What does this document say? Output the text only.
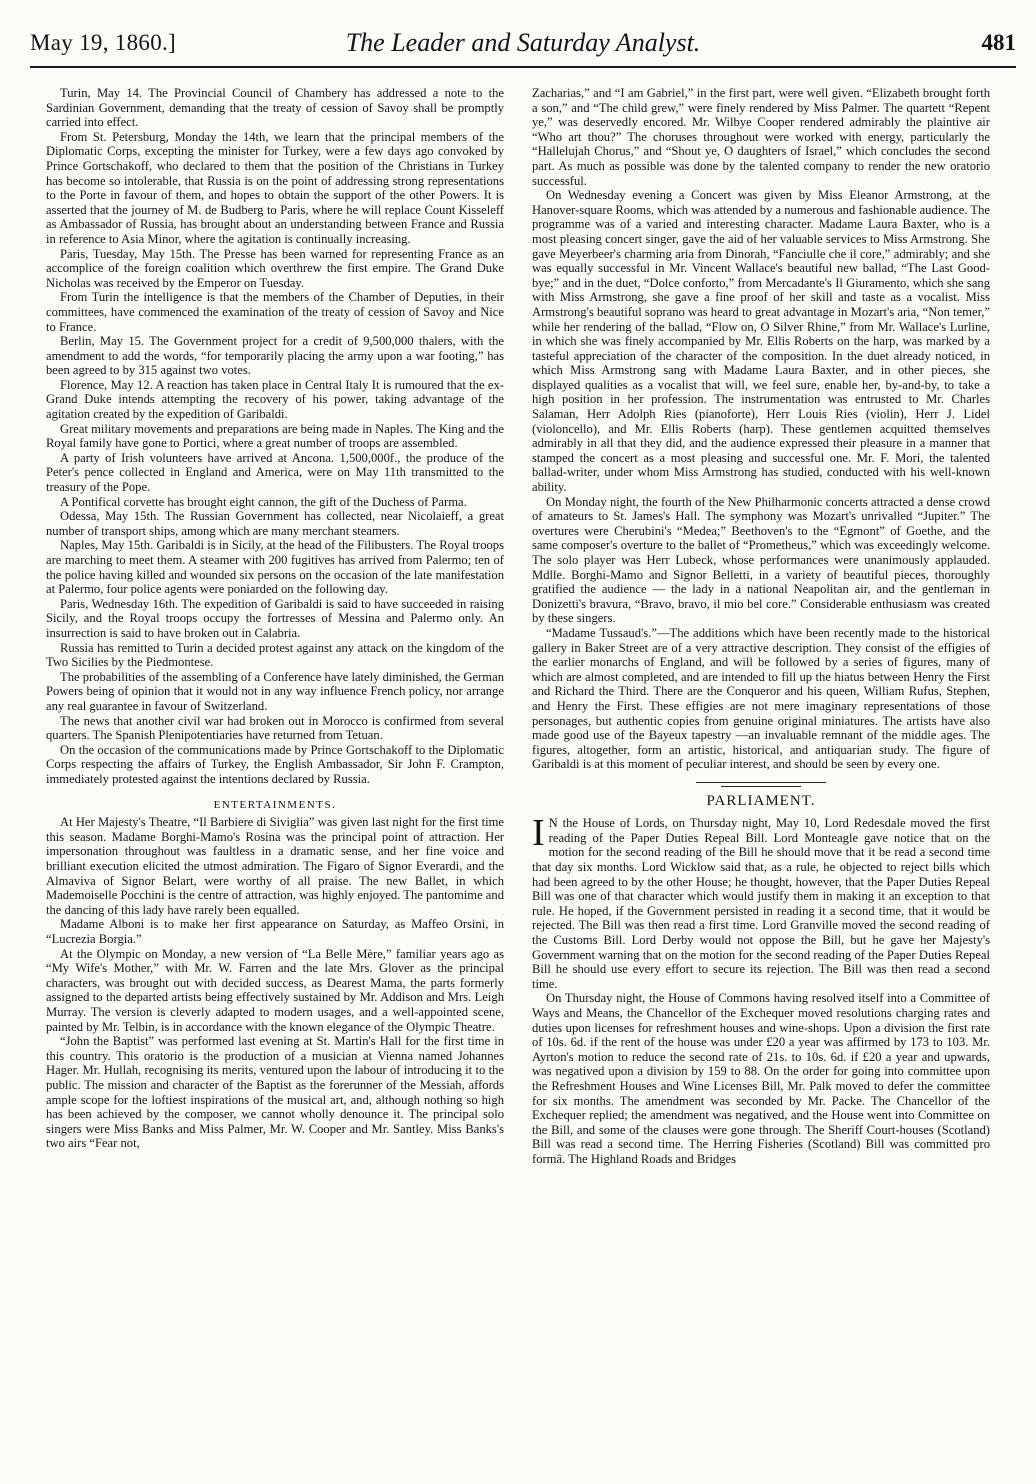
May 19, 1860.]	The Leader and Saturday Analyst.	481

Turin, May 14. The Provincial Council of Chambery has addressed a note to the Sardinian Government, demanding that the treaty of cession of Savoy shall be promptly carried into effect.

From St. Petersburg, Monday the 14th, we learn that the principal members of the Diplomatic Corps, excepting the minister for Turkey, were a few days ago convoked by Prince Gortschakoff, who declared to them that the position of the Christians in Turkey has become so intolerable, that Russia is on the point of addressing strong representations to the Porte in favour of them, and hopes to obtain the support of the other Powers. It is asserted that the journey of M. de Budberg to Paris, where he will replace Count Kisseleff as Ambassador of Russia, has brought about an understanding between France and Russia in reference to Asia Minor, where the agitation is continually increasing.

Paris, Tuesday, May 15th. The Presse has been warned for representing France as an accomplice of the foreign coalition which overthrew the first empire. The Grand Duke Nicholas was received by the Emperor on Tuesday.

From Turin the intelligence is that the members of the Chamber of Deputies, in their committees, have commenced the examination of the treaty of cession of Savoy and Nice to France.

Berlin, May 15. The Government project for a credit of 9,500,000 thalers, with the amendment to add the words, “for temporarily placing the army upon a war footing,” has been agreed to by 315 against two votes.

Florence, May 12. A reaction has taken place in Central Italy It is rumoured that the ex-Grand Duke intends attempting the recovery of his power, taking advantage of the agitation created by the expedition of Garibaldi.

Great military movements and preparations are being made in Naples. The King and the Royal family have gone to Portici, where a great number of troops are assembled.

A party of Irish volunteers have arrived at Ancona. 1,500,000f., the produce of the Peter's pence collected in England and America, were on May 11th transmitted to the treasury of the Pope.

A Pontifical corvette has brought eight cannon, the gift of the Duchess of Parma.

Odessa, May 15th. The Russian Government has collected, near Nicolaieff, a great number of transport ships, among which are many merchant steamers.

Naples, May 15th. Garibaldi is in Sicily, at the head of the Filibusters. The Royal troops are marching to meet them. A steamer with 200 fugitives has arrived from Palermo; ten of the police having killed and wounded six persons on the occasion of the late manifestation at Palermo, four police agents were poniarded on the following day.

Paris, Wednesday 16th. The expedition of Garibaldi is said to have succeeded in raising Sicily, and the Royal troops occupy the fortresses of Messina and Palermo only. An insurrection is said to have broken out in Calabria.

Russia has remitted to Turin a decided protest against any attack on the kingdom of the Two Sicilies by the Piedmontese.

The probabilities of the assembling of a Conference have lately diminished, the German Powers being of opinion that it would not in any way influence French policy, nor arrange any real guarantee in favour of Switzerland.

The news that another civil war had broken out in Morocco is confirmed from several quarters. The Spanish Plenipotentiaries have returned from Tetuan.

On the occasion of the communications made by Prince Gortschakoff to the Diplomatic Corps respecting the affairs of Turkey, the English Ambassador, Sir John F. Crampton, immediately protested against the intentions declared by Russia.

ENTERTAINMENTS.

At Her Majesty's Theatre, “Il Barbiere di Siviglia” was given last night for the first time this season. Madame Borghi-Mamo's Rosina was the principal point of attraction. Her impersonation throughout was faultless in a dramatic sense, and her fine voice and brilliant execution elicited the utmost admiration. The Figaro of Signor Everardi, and the Almaviva of Signor Belart, were worthy of all praise. The new Ballet, in which Mademoiselle Pocchini is the centre of attraction, was highly enjoyed. The pantomime and the dancing of this lady have rarely been equalled.

Madame Alboni is to make her first appearance on Saturday, as Maffeo Orsini, in “Lucrezia Borgia.”

At the Olympic on Monday, a new version of “La Belle Mère,” familiar years ago as “My Wife's Mother,” with Mr. W. Farren and the late Mrs. Glover as the principal characters, was brought out with decided success, as Dearest Mama, the parts formerly assigned to the departed artists being effectively sustained by Mr. Addison and Mrs. Leigh Murray. The version is cleverly adapted to modern usages, and a well-appointed scene, painted by Mr. Telbin, is in accordance with the known elegance of the Olympic Theatre.

“John the Baptist” was performed last evening at St. Martin's Hall for the first time in this country. This oratorio is the production of a musician at Vienna named Johannes Hager. Mr. Hullah, recognising its merits, ventured upon the labour of introducing it to the public. The mission and character of the Baptist as the forerunner of the Messiah, affords ample scope for the loftiest inspirations of the musical art, and, although nothing so high has been achieved by the composer, we cannot wholly denounce it. The principal solo singers were Miss Banks and Miss Palmer, Mr. W. Cooper and Mr. Santley. Miss Banks's two airs “Fear not,

Zacharias,” and “I am Gabriel,” in the first part, were well given. “Elizabeth brought forth a son,” and “The child grew,” were finely rendered by Miss Palmer. The quartett “Repent ye,” was deservedly encored. Mr. Wilbye Cooper rendered admirably the plaintive air “Who art thou?” The choruses throughout were worked with energy, particularly the “Hallelujah Chorus,” and “Shout ye, O daughters of Israel,” which concludes the second part. As much as possible was done by the talented company to render the new oratorio successful.

On Wednesday evening a Concert was given by Miss Eleanor Armstrong, at the Hanover-square Rooms, which was attended by a numerous and fashionable audience. The programme was of a varied and interesting character. Madame Laura Baxter, who is a most pleasing concert singer, gave the aid of her valuable services to Miss Armstrong. She gave Meyerbeer's charming aria from Dinorah, “Fanciulle che il core,” admirably; and she was equally successful in Mr. Vincent Wallace's beautiful new ballad, “The Last Good-bye;” and in the duet, “Dolce conforto,” from Mercadante's Il Giuramento, which she sang with Miss Armstrong, she gave a fine proof of her skill and taste as a vocalist. Miss Armstrong's beautiful soprano was heard to great advantage in Mozart's aria, “Non temer,” while her rendering of the ballad, “Flow on, O Silver Rhine,” from Mr. Wallace's Lurline, in which she was finely accompanied by Mr. Ellis Roberts on the harp, was marked by a tasteful appreciation of the character of the composition. In the duet already noticed, in which Miss Armstrong sang with Madame Laura Baxter, and in other pieces, she displayed qualities as a vocalist that will, we feel sure, enable her, by-and-by, to take a high position in her profession. The instrumentation was entrusted to Mr. Charles Salaman, Herr Adolph Ries (pianoforte), Herr Louis Ries (violin), Herr J. Lidel (violoncello), and Mr. Ellis Roberts (harp). These gentlemen acquitted themselves admirably in all that they did, and the audience expressed their pleasure in a manner that stamped the concert as a most pleasing and successful one. Mr. F. Mori, the talented ballad-writer, under whom Miss Armstrong has studied, conducted with his well-known ability.

On Monday night, the fourth of the New Philharmonic concerts attracted a dense crowd of amateurs to St. James's Hall. The symphony was Mozart's unrivalled “Jupiter.” The overtures were Cherubini's “Medea;” Beethoven's to the “Egmont” of Goethe, and the same composer's overture to the ballet of “Prometheus,” which was exceedingly welcome. The solo player was Herr Lubeck, whose performances were unanimously applauded. Mdlle. Borghi-Mamo and Signor Belletti, in a variety of beautiful pieces, thoroughly gratified the audience — the lady in a national Neapolitan air, and the gentleman in Donizetti's bravura, “Bravo, bravo, il mio bel core.” Considerable enthusiasm was created by these singers.

“Madame Tussaud's.”—The additions which have been recently made to the historical gallery in Baker Street are of a very attractive description. They consist of the effigies of the earlier monarchs of England, and will be followed by a series of figures, many of which are almost completed, and are intended to fill up the hiatus between Henry the First and Richard the Third. There are the Conqueror and his queen, William Rufus, Stephen, and Henry the First. These effigies are not mere imaginary representations of those personages, but authentic copies from genuine original miniatures. The artists have also made good use of the Bayeux tapestry —an invaluable remnant of the middle ages. The figures, altogether, form an artistic, historical, and antiquarian study. The figure of Garibaldi is at this moment of peculiar interest, and should be seen by every one.

PARLIAMENT.

I N the House of Lords, on Thursday night, May 10, Lord Redesdale moved the first reading of the Paper Duties Repeal Bill. Lord Monteagle gave notice that on the motion for the second reading of the Bill he should move that it be read a second time that day six months. Lord Wicklow said that, as a rule, he objected to reject bills which had been agreed to by the other House; he thought, however, that the Paper Duties Repeal Bill was one of that character which would justify them in making it an exception to that rule. He hoped, if the Government persisted in reading it a second time, that it would be rejected. The Bill was then read a first time. Lord Granville moved the second reading of the Customs Bill. Lord Derby would not oppose the Bill, but he gave her Majesty's Government warning that on the motion for the second reading of the Paper Duties Repeal Bill he should use every effort to secure its rejection. The Bill was then read a second time.

On Thursday night, the House of Commons having resolved itself into a Committee of Ways and Means, the Chancellor of the Exchequer moved resolutions charging rates and duties upon licenses for refreshment houses and wine-shops. Upon a division the first rate of 10s. 6d. if the rent of the house was under £20 a year was affirmed by 173 to 103. Mr. Ayrton's motion to reduce the second rate of 21s. to 10s. 6d. if £20 a year and upwards, was negatived upon a division by 159 to 88. On the order for going into committee upon the Refreshment Houses and Wine Licenses Bill, Mr. Palk moved to defer the committee for six months. The amendment was seconded by Mr. Packe. The Chancellor of the Exchequer replied; the amendment was negatived, and the House went into Committee on the Bill, and some of the clauses were gone through. The Sheriff Court-houses (Scotland) Bill was read a second time. The Herring Fisheries (Scotland) Bill was committed pro formâ. The Highland Roads and Bridges
